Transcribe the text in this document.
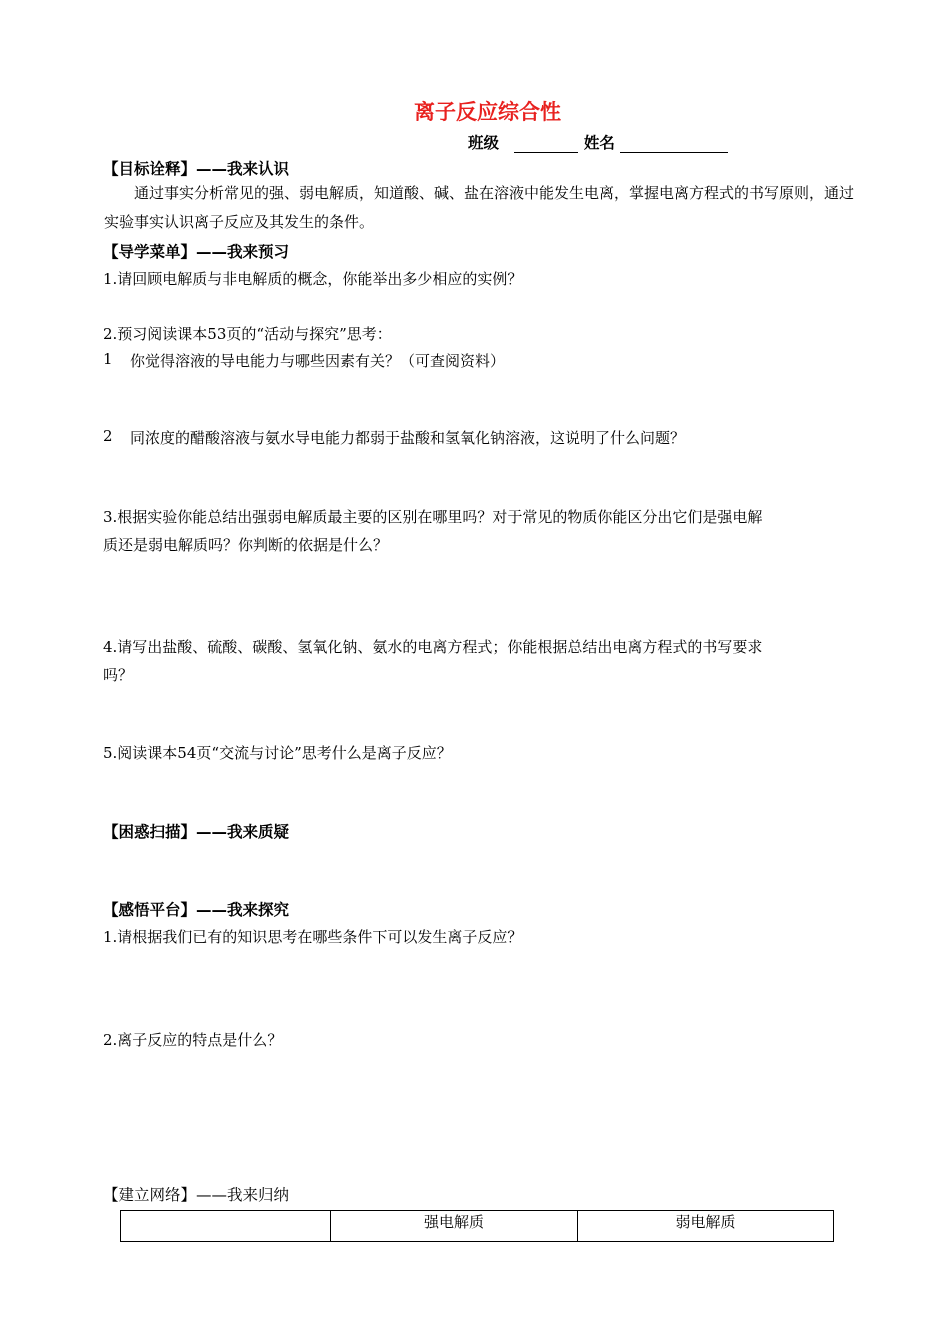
离子反应综合性
班级	姓名
【目标诠释】——我来认识
通过事实分析常见的强、弱电解质，知道酸、碱、盐在溶液中能发生电离，掌握电离方程式的书写原则，通过实验事实认识离子反应及其发生的条件。
【导学菜单】——我来预习
1.请回顾电解质与非电解质的概念，你能举出多少相应的实例？
2.预习阅读课本53页的“活动与探究”思考：
1 你觉得溶液的导电能力与哪些因素有关？（可查阅资料）
2 同浓度的醋酸溶液与氨水导电能力都弱于盐酸和氢氧化钠溶液，这说明了什么问题？
3.根据实验你能总结出强弱电解质最主要的区别在哪里吗？对于常见的物质你能区分出它们是强电解
质还是弱电解质吗？你判断的依据是什么？
4.请写出盐酸、硫酸、碳酸、氢氧化钠、氨水的电离方程式；你能根据总结出电离方程式的书写要求
吗？
5.阅读课本54页“交流与讨论”思考什么是离子反应？
【困惑扫描】——我来质疑
【感悟平台】——我来探究
1.请根据我们已有的知识思考在哪些条件下可以发生离子反应？
2.离子反应的特点是什么？
【建立网络】——我来归纳
	强电解质	弱电解质
